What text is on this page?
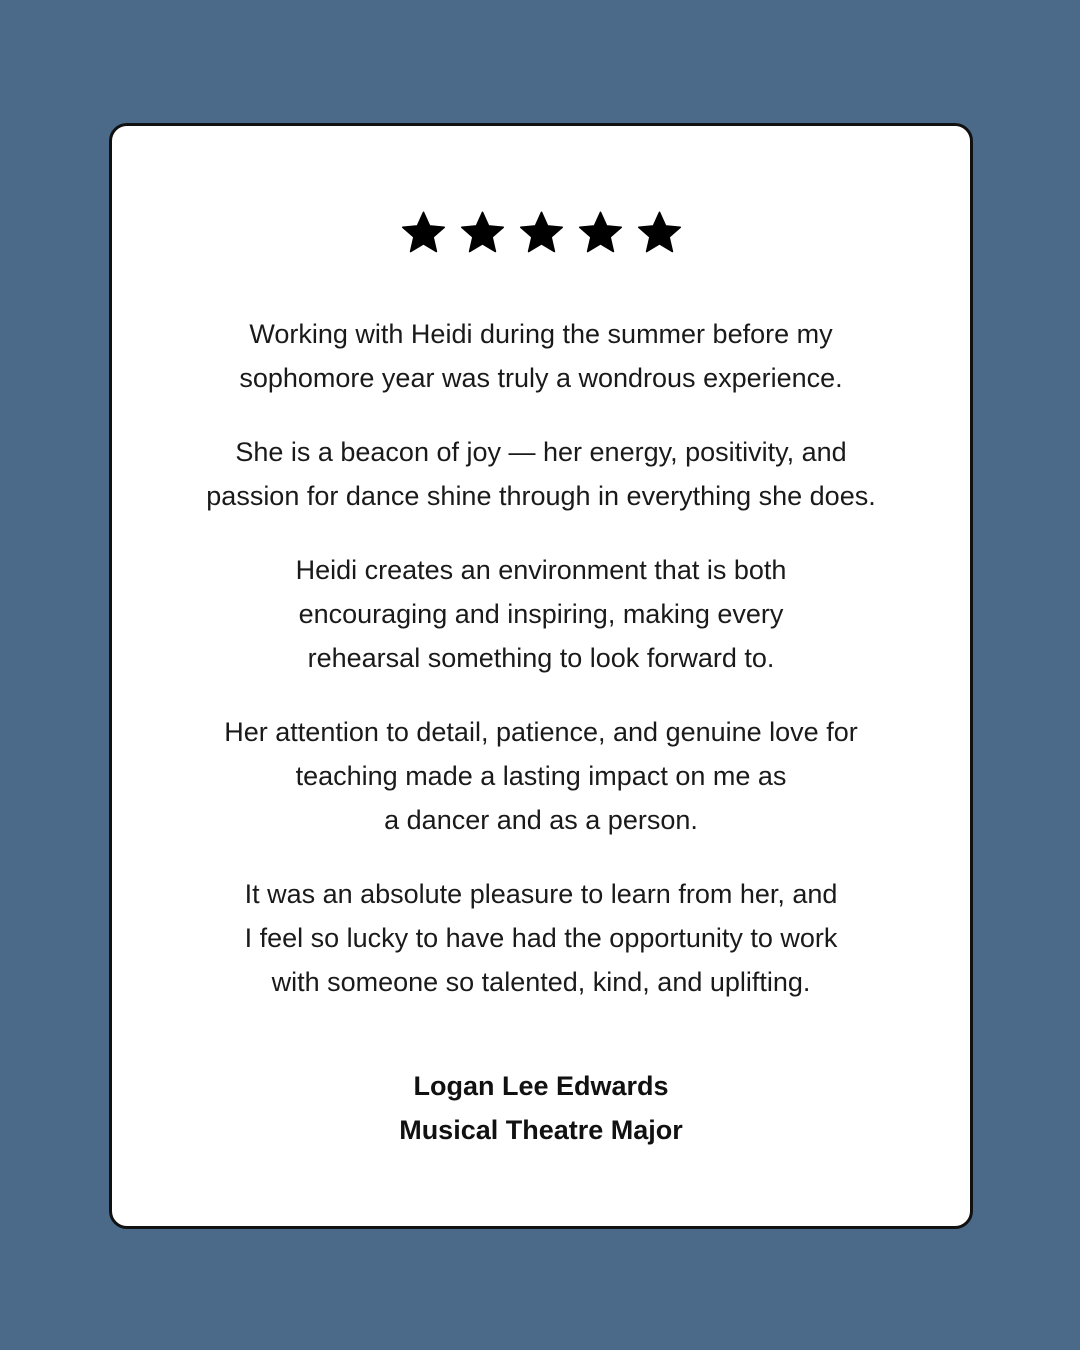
Working with Heidi during the summer before my
sophomore year was truly a wondrous experience.

She is a beacon of joy — her energy, positivity, and
passion for dance shine through in everything she does.

Heidi creates an environment that is both
encouraging and inspiring, making every
rehearsal something to look forward to.

Her attention to detail, patience, and genuine love for
teaching made a lasting impact on me as
a dancer and as a person.

It was an absolute pleasure to learn from her, and
I feel so lucky to have had the opportunity to work
with someone so talented, kind, and uplifting.

Logan Lee Edwards
Musical Theatre Major
